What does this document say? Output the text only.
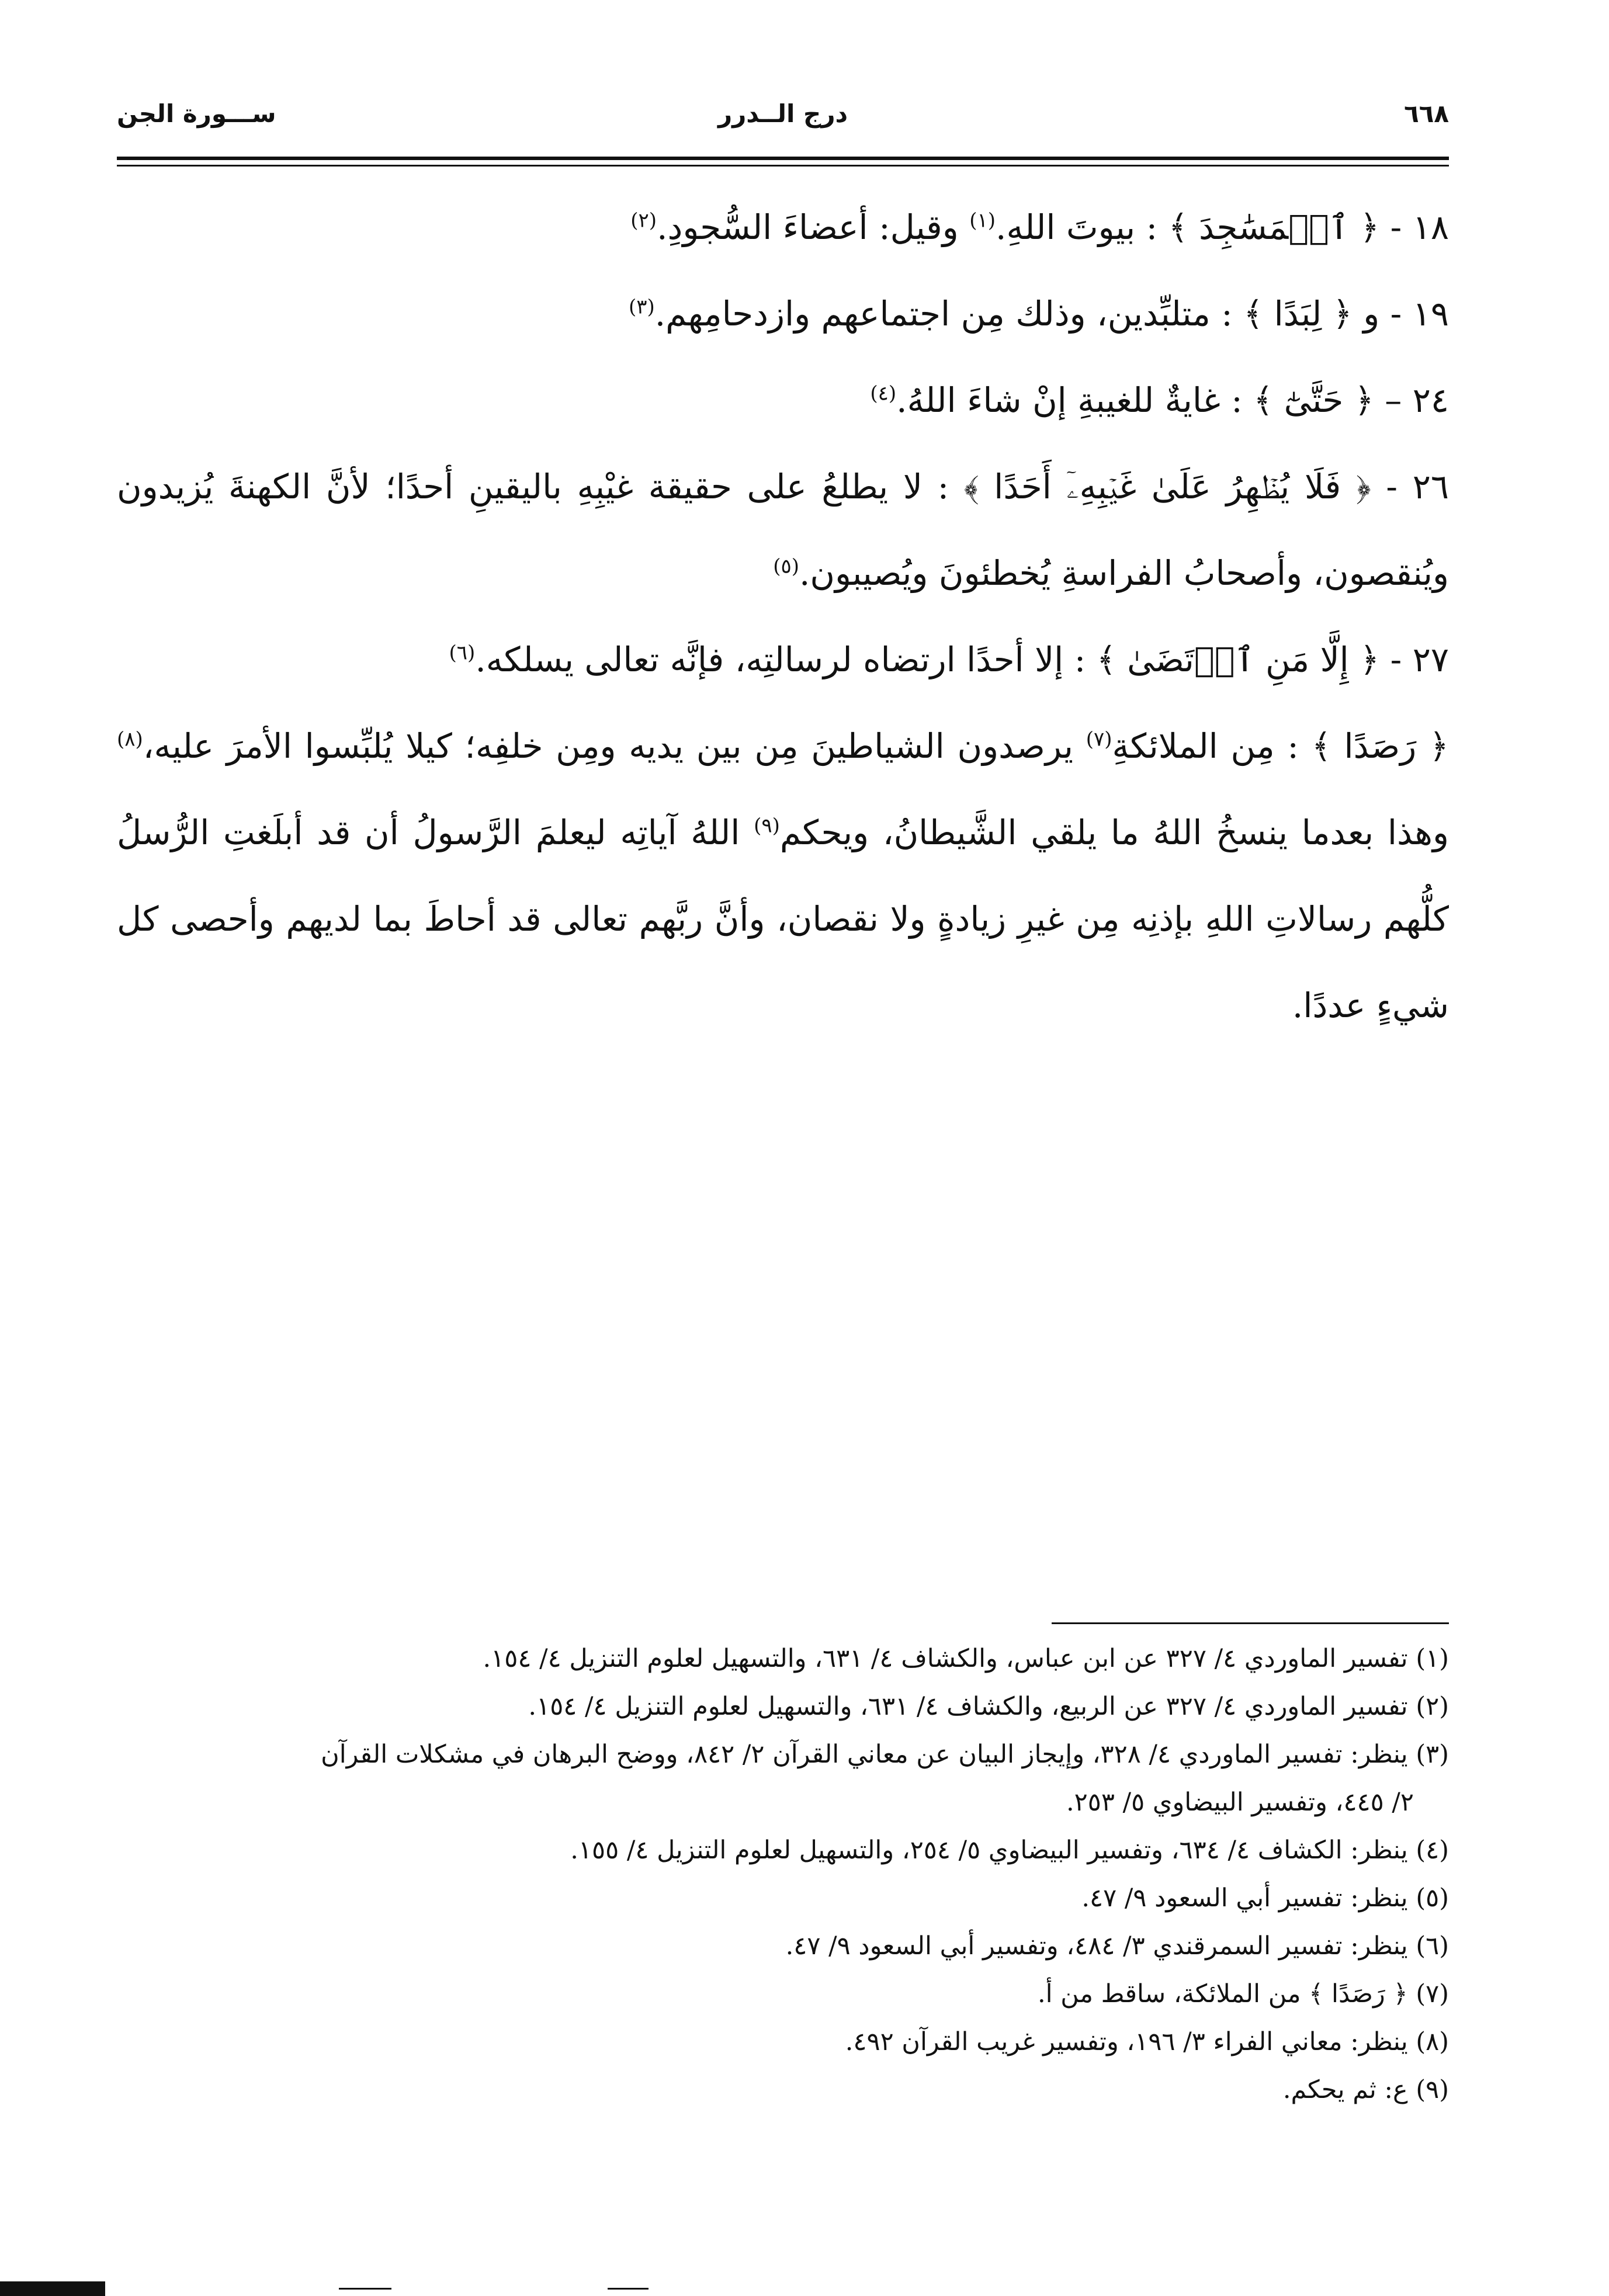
٦٦٨
درج الــدرر
ســـورة الجن

١٨ - ﴿ ٱلۡمَسَٰجِدَ ﴾ : بيوتَ اللهِ.$^{(١)}$ وقيل: أعضاءَ السُّجودِ.$^{(٢)}$

١٩ - و ﴿ لِبَدًا ﴾ : متلبِّدين، وذلك مِن اجتماعهم وازدحامِهم.$^{(٣)}$

٢٤ – ﴿ حَتَّىٰٓ ﴾ : غايةٌ للغيبةِ إنْ شاءَ اللهُ.$^{(٤)}$

٢٦ - ﴿ فَلَا يُظۡهِرُ عَلَىٰ غَيۡبِهِۦٓ أَحَدًا ﴾ : لا يطلعُ على حقيقة غيْبِهِ باليقينِ أحدًا؛ لأنَّ الكهنةَ يُزيدون ويُنقصون، وأصحابُ الفراسةِ يُخطئونَ ويُصيبون.$^{(٥)}$

٢٧ - ﴿ إِلَّا مَنِ ٱرۡتَضَىٰ ﴾ : إلا أحدًا ارتضاه لرسالتِه، فإنَّه تعالى يسلكه.$^{(٦)}$

﴿ رَصَدًا ﴾ : مِن الملائكةِ$^{(٧)}$ يرصدون الشياطينَ مِن بين يديه ومِن خلفِه؛ كيلا يُلبِّسوا الأمرَ عليه،$^{(٨)}$ وهذا بعدما ينسخُ اللهُ ما يلقي الشَّيطانُ، ويحكم$^{(٩)}$ اللهُ آياتِه ليعلمَ الرَّسولُ أن قد أبلَغتِ الرُّسلُ كلُّهم رسالاتِ اللهِ بإذنِه مِن غيرِ زيادةٍ ولا نقصان، وأنَّ ربَّهم تعالى قد أحاطَ بما لديهم وأحصى كل شيءٍ عددًا.

(١) تفسير الماوردي ٤/ ٣٢٧ عن ابن عباس، والكشاف ٤/ ٦٣١، والتسهيل لعلوم التنزيل ٤/ ١٥٤.

(٢) تفسير الماوردي ٤/ ٣٢٧ عن الربيع، والكشاف ٤/ ٦٣١، والتسهيل لعلوم التنزيل ٤/ ١٥٤.

(٣) ينظر: تفسير الماوردي ٤/ ٣٢٨، وإيجاز البيان عن معاني القرآن ٢/ ٨٤٢، ووضح البرهان في مشكلات القرآن

٢/ ٤٤٥، وتفسير البيضاوي ٥/ ٢٥٣.

(٤) ينظر: الكشاف ٤/ ٦٣٤، وتفسير البيضاوي ٥/ ٢٥٤، والتسهيل لعلوم التنزيل ٤/ ١٥٥.

(٥) ينظر: تفسير أبي السعود ٩/ ٤٧.

(٦) ينظر: تفسير السمرقندي ٣/ ٤٨٤، وتفسير أبي السعود ٩/ ٤٧.

(٧) ﴿ رَصَدًا ﴾ من الملائكة، ساقط من أ.

(٨) ينظر: معاني الفراء ٣/ ١٩٦، وتفسير غريب القرآن ٤٩٢.

(٩) ع: ثم يحكم.
